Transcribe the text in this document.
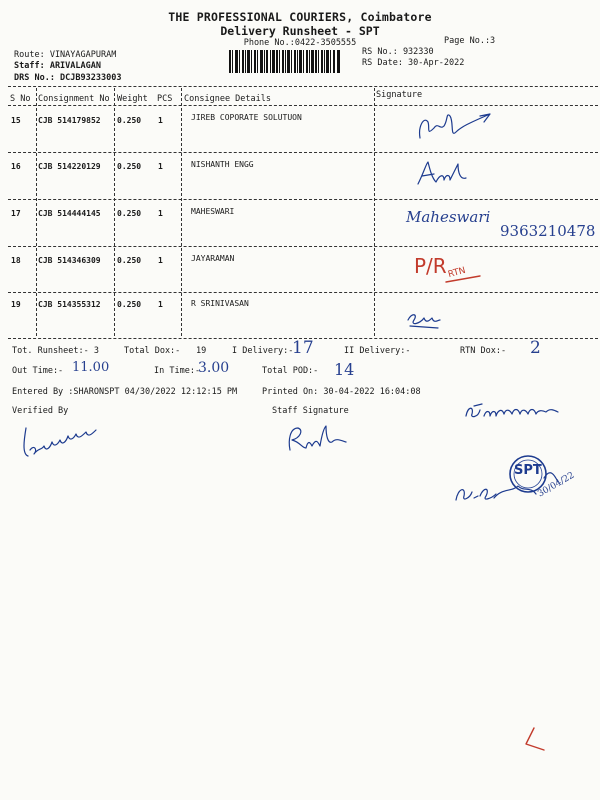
THE PROFESSIONAL COURIERS, Coimbatore
Delivery Runsheet - SPT
Phone No.:0422-3505555	Page No.:3
Route: VINAYAGAPURAM
Staff: ARIVALAGAN
DRS No.: DCJB93233003
RS No.: 932330
RS Date: 30-Apr-2022
S No Consignment No Weight PCS Consignee Details	Signature
15 CJB 514179852 0.250 1	JIREB COPORATE SOLUTUON
16 CJB 514220129 0.250 1	NISHANTH ENGG
17 CJB 514444145 0.250 1	MAHESWARI
18 CJB 514346309 0.250 1	JAYARAMAN
19 CJB 514355312 0.250 1	R SRINIVASAN
Maheswari
9363210478
P/R RTN
Tot. Runsheet:- 3	Total Dox:- 19	I Delivery:-
17	II Delivery:-	RTN Dox:- 2
Out Time:- 11.00	In Time:-
3.00	Total POD:- 14
Entered By :SHARONSPT 04/30/2022 12:12:15 PM	Printed On: 30-04-2022 16:04:08
Verified By	Staff Signature
SPT
30/04/22
